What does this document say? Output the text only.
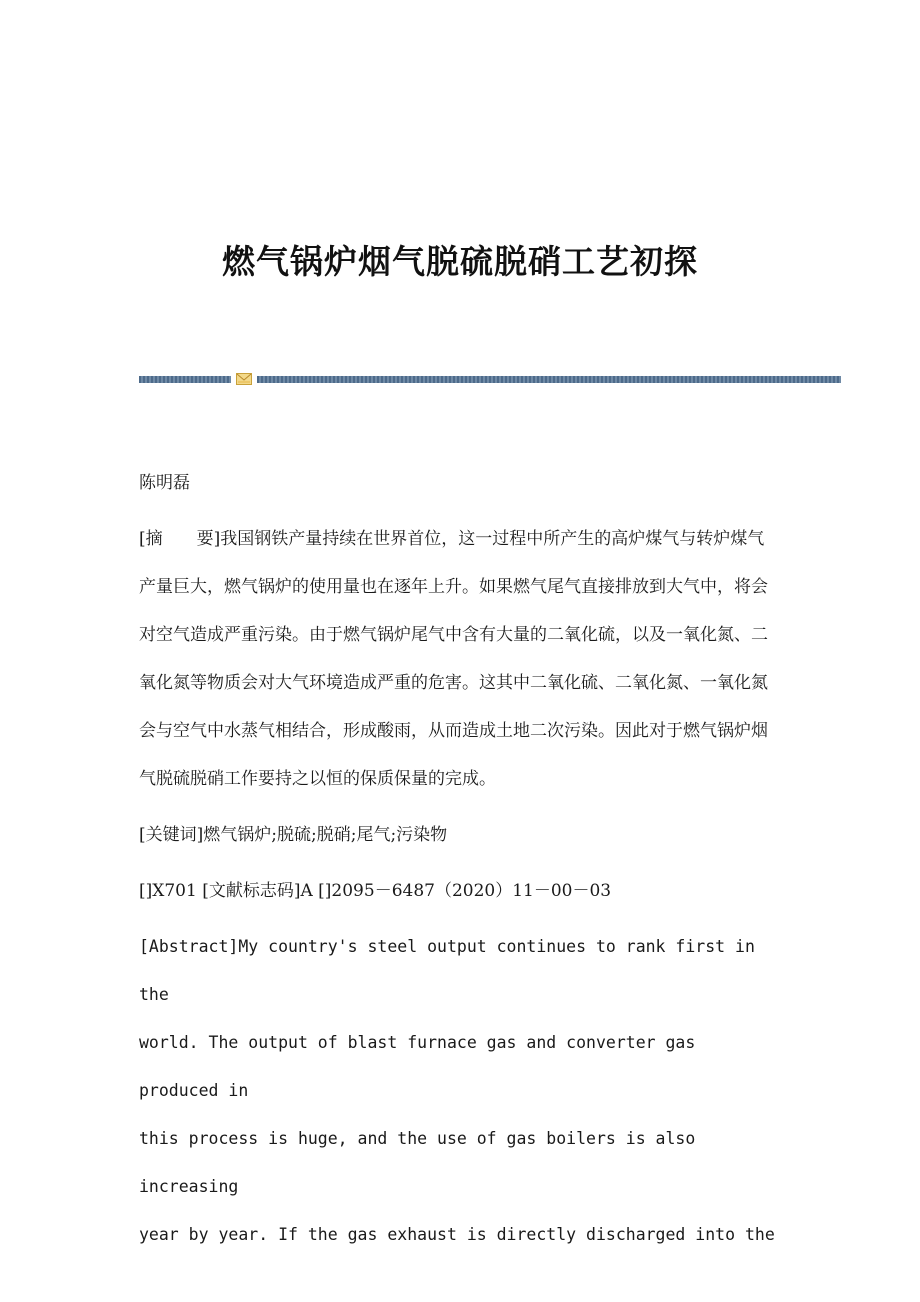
燃气锅炉烟气脱硫脱硝工艺初探

陈明磊

[摘　　要]我国钢铁产量持续在世界首位，这一过程中所产生的高炉煤气与转炉煤气产量巨大，燃气锅炉的使用量也在逐年上升。如果燃气尾气直接排放到大气中，将会对空气造成严重污染。由于燃气锅炉尾气中含有大量的二氧化硫，以及一氧化氮、二氧化氮等物质会对大气环境造成严重的危害。这其中二氧化硫、二氧化氮、一氧化氮会与空气中水蒸气相结合，形成酸雨，从而造成土地二次污染。因此对于燃气锅炉烟气脱硫脱硝工作要持之以恒的保质保量的完成。

[关键词]燃气锅炉;脱硫;脱硝;尾气;污染物

[]X701 [文献标志码]A []2095－6487（2020）11－00－03

[Abstract]My country's steel output continues to rank first in the
world. The output of blast furnace gas and converter gas produced in
this process is huge, and the use of gas boilers is also increasing
year by year. If the gas exhaust is directly discharged into the
